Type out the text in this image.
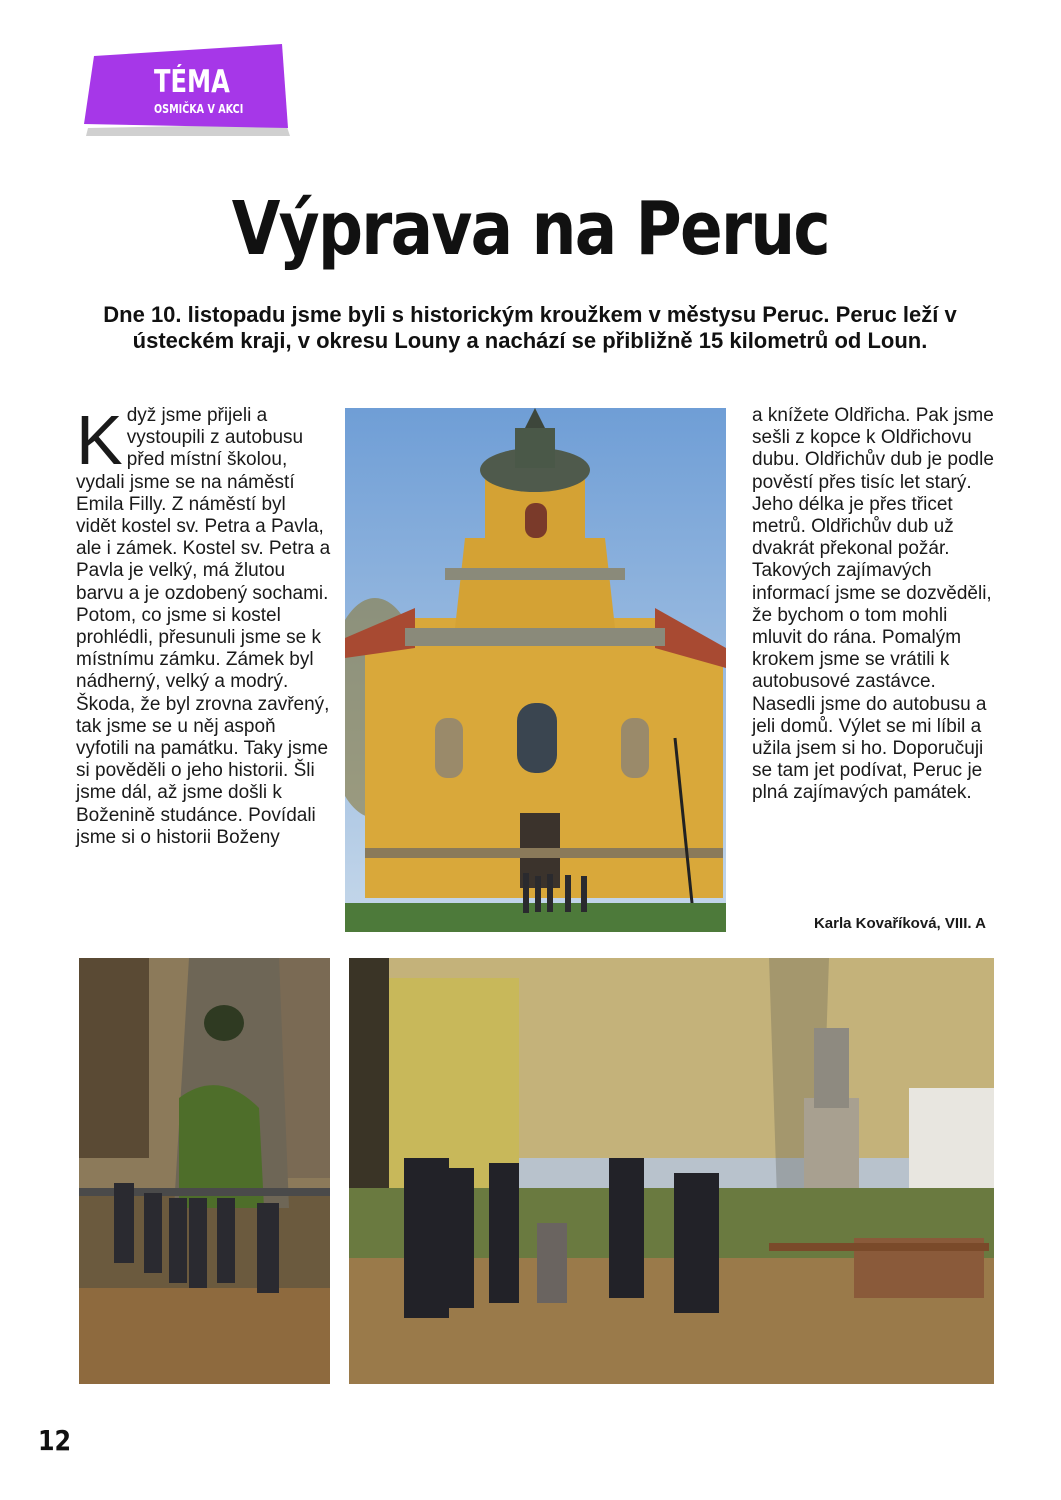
TÉMA
OSMIČKA V AKCI
Výprava na Peruc

Dne 10. listopadu jsme byli s historickým kroužkem v městysu Peruc. Peruc leží v ústeckém kraji, v okresu Louny a nachází se přibližně 15 kilometrů od Loun.

Když jsme přijeli a vystoupili z autobusu před místní školou, vydali jsme se na náměstí Emila Filly. Z náměstí byl vidět kostel sv. Petra a Pavla, ale i zámek. Kostel sv. Petra a Pavla je velký, má žlutou barvu a je ozdobený sochami. Potom, co jsme si kostel prohlédli, přesunuli jsme se k místnímu zámku. Zámek byl nádherný, velký a modrý. Škoda, že byl zrovna zavřený, tak jsme se u něj aspoň vyfotili na památku. Taky jsme si pověděli o jeho historii. Šli jsme dál, až jsme došli k Boženině studánce. Povídali jsme si o historii Boženy
a knížete Oldřicha. Pak jsme sešli z kopce k Oldřichovu dubu. Oldřichův dub je podle pověstí přes tisíc let starý. Jeho délka je přes třicet metrů. Oldřichův dub už dvakrát překonal požár. Takových zajímavých informací jsme se dozvěděli, že bychom o tom mohli mluvit do rána. Pomalým krokem jsme se vrátili k autobusové zastávce. Nasedli jsme do autobusu a jeli domů. Výlet se mi líbil a užila jsem si ho. Doporučuji se tam jet podívat, Peruc je plná zajímavých památek.
Karla Kovaříková, VIII. A
12
